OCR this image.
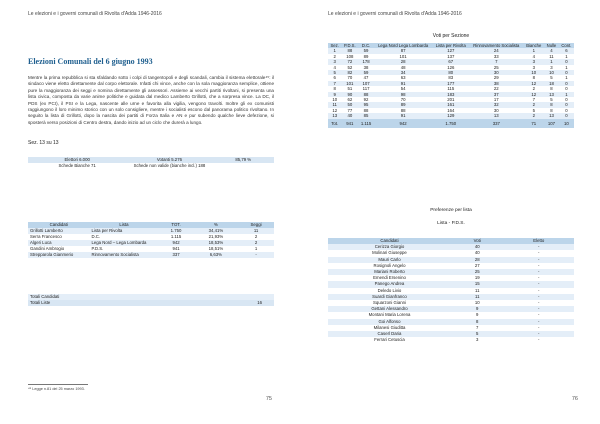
Le elezioni e i governi comunali di Rivolta d'Adda 1946-2016
Elezioni Comunali del 6 giugno 1993
Mentre la prima repubblica si sta sfaldando sotto i colpi di tangentopoli e degli scandali, cambia il sistema elettorale⁴⁵: il sindaco viene eletto direttamente dal corpo elettorale. Infatti chi vince, anche con la sola maggioranza semplice, ottiene pure la maggioranza dei seggi e nomina direttamente gli assessori. Assieme ai vecchi partiti rivoltani, si presenta una lista civica, composta da varie anime politiche e guidata dal medico Lamberto Grillotti, che a sorpresa vince. La DC, il PDS (ex PCI), il PSI e la Lega, nascente alle urne e favorita alla vigilia, vengono travolti. Inoltre gli ex comunisti raggiungono il loro minimo storico con un solo consigliere, mentre i socialisti escono dal panorama politico rivoltano. In seguito la lista di Grillotti, dopo la nascita dei partiti di Forza Italia e AN e pur subendo qualche lieve defezione, si sposterà verso posizioni di Centro destra, dando inizio ad un ciclo che durerà a lungo.
Sez. 13 su 13
Elettori 6.000	Votanti 5.276	85,79 %
Schede Bianche 71	Schede non valide (bianche incl.) 188	
Candidati	Lista	TOT.	%	Seggi
Grillotti Lamberto	Lista per Rivolta	1.750	34,41%	11
Serra Francesco	D.C.	1.115	21,93%	2
Algeri Luca	Lega Nord – Lega Lombarda	942	18,53%	2
Gandini Ambrogio	P.D.S.	941	18,51%	1
Strepparola Gianmerio	Rinnovamento Socialista	337	6,63%	-
Totali Candidati	
Totali Liste	16
⁴⁵ Legge n.81 del 25 marzo 1993.
75
Le elezioni e i governi comunali di Rivolta d'Adda 1946-2016
76
Voti per Sezione
Sez.	P.D.S.	D.C.	Lega Nord Lega Lombarda	Lista per Rivolta	Rinnovamento Socialista	Bianche	Nulle	Cont.
1	88	59	87	127	24	1	4	6
2	108	89	101	137	33	4	11	1
3	72	178	28	67	7	3	1	0
4	52	38	48	126	25	3	3	1
5	82	59	34	80	30	10	10	0
6	70	47	63	83	29	8	5	1
7	101	107	91	177	38	12	18	0
8	51	117	54	115	22	2	8	0
9	90	88	98	183	37	12	13	1
10	62	92	70	201	17	7	5	0
11	50	95	89	161	32	2	8	0
12	77	88	88	164	30	5	8	0
13	40	85	91	129	13	2	13	0
Tot.	941	1.115	942	1.750	337	71	107	10
Preferenze per lista
Lista - P.D.S.
Candidati	Voti	Eletto
Cerizza Giorgio	40	-
Molinari Giuseppe	40	-
Mauri Carlo	28	-
Rosignoli Angelo	27	-
Mariani Roberto	25	-
Emendi Ersenino	19	-
Panego Andrea	15	-
Deledo Livio	11	-
Suardi Gianfranco	11	-
Squarzoni Gianni	10	-
Gettani Alessandro	9	-
Montani Maria Lorena	9	-
Goi Alfonso	8	-
Milanesi Giuditta	7	-
Caserl Daria	5	-
Ferrari Cetuscia	3	-
